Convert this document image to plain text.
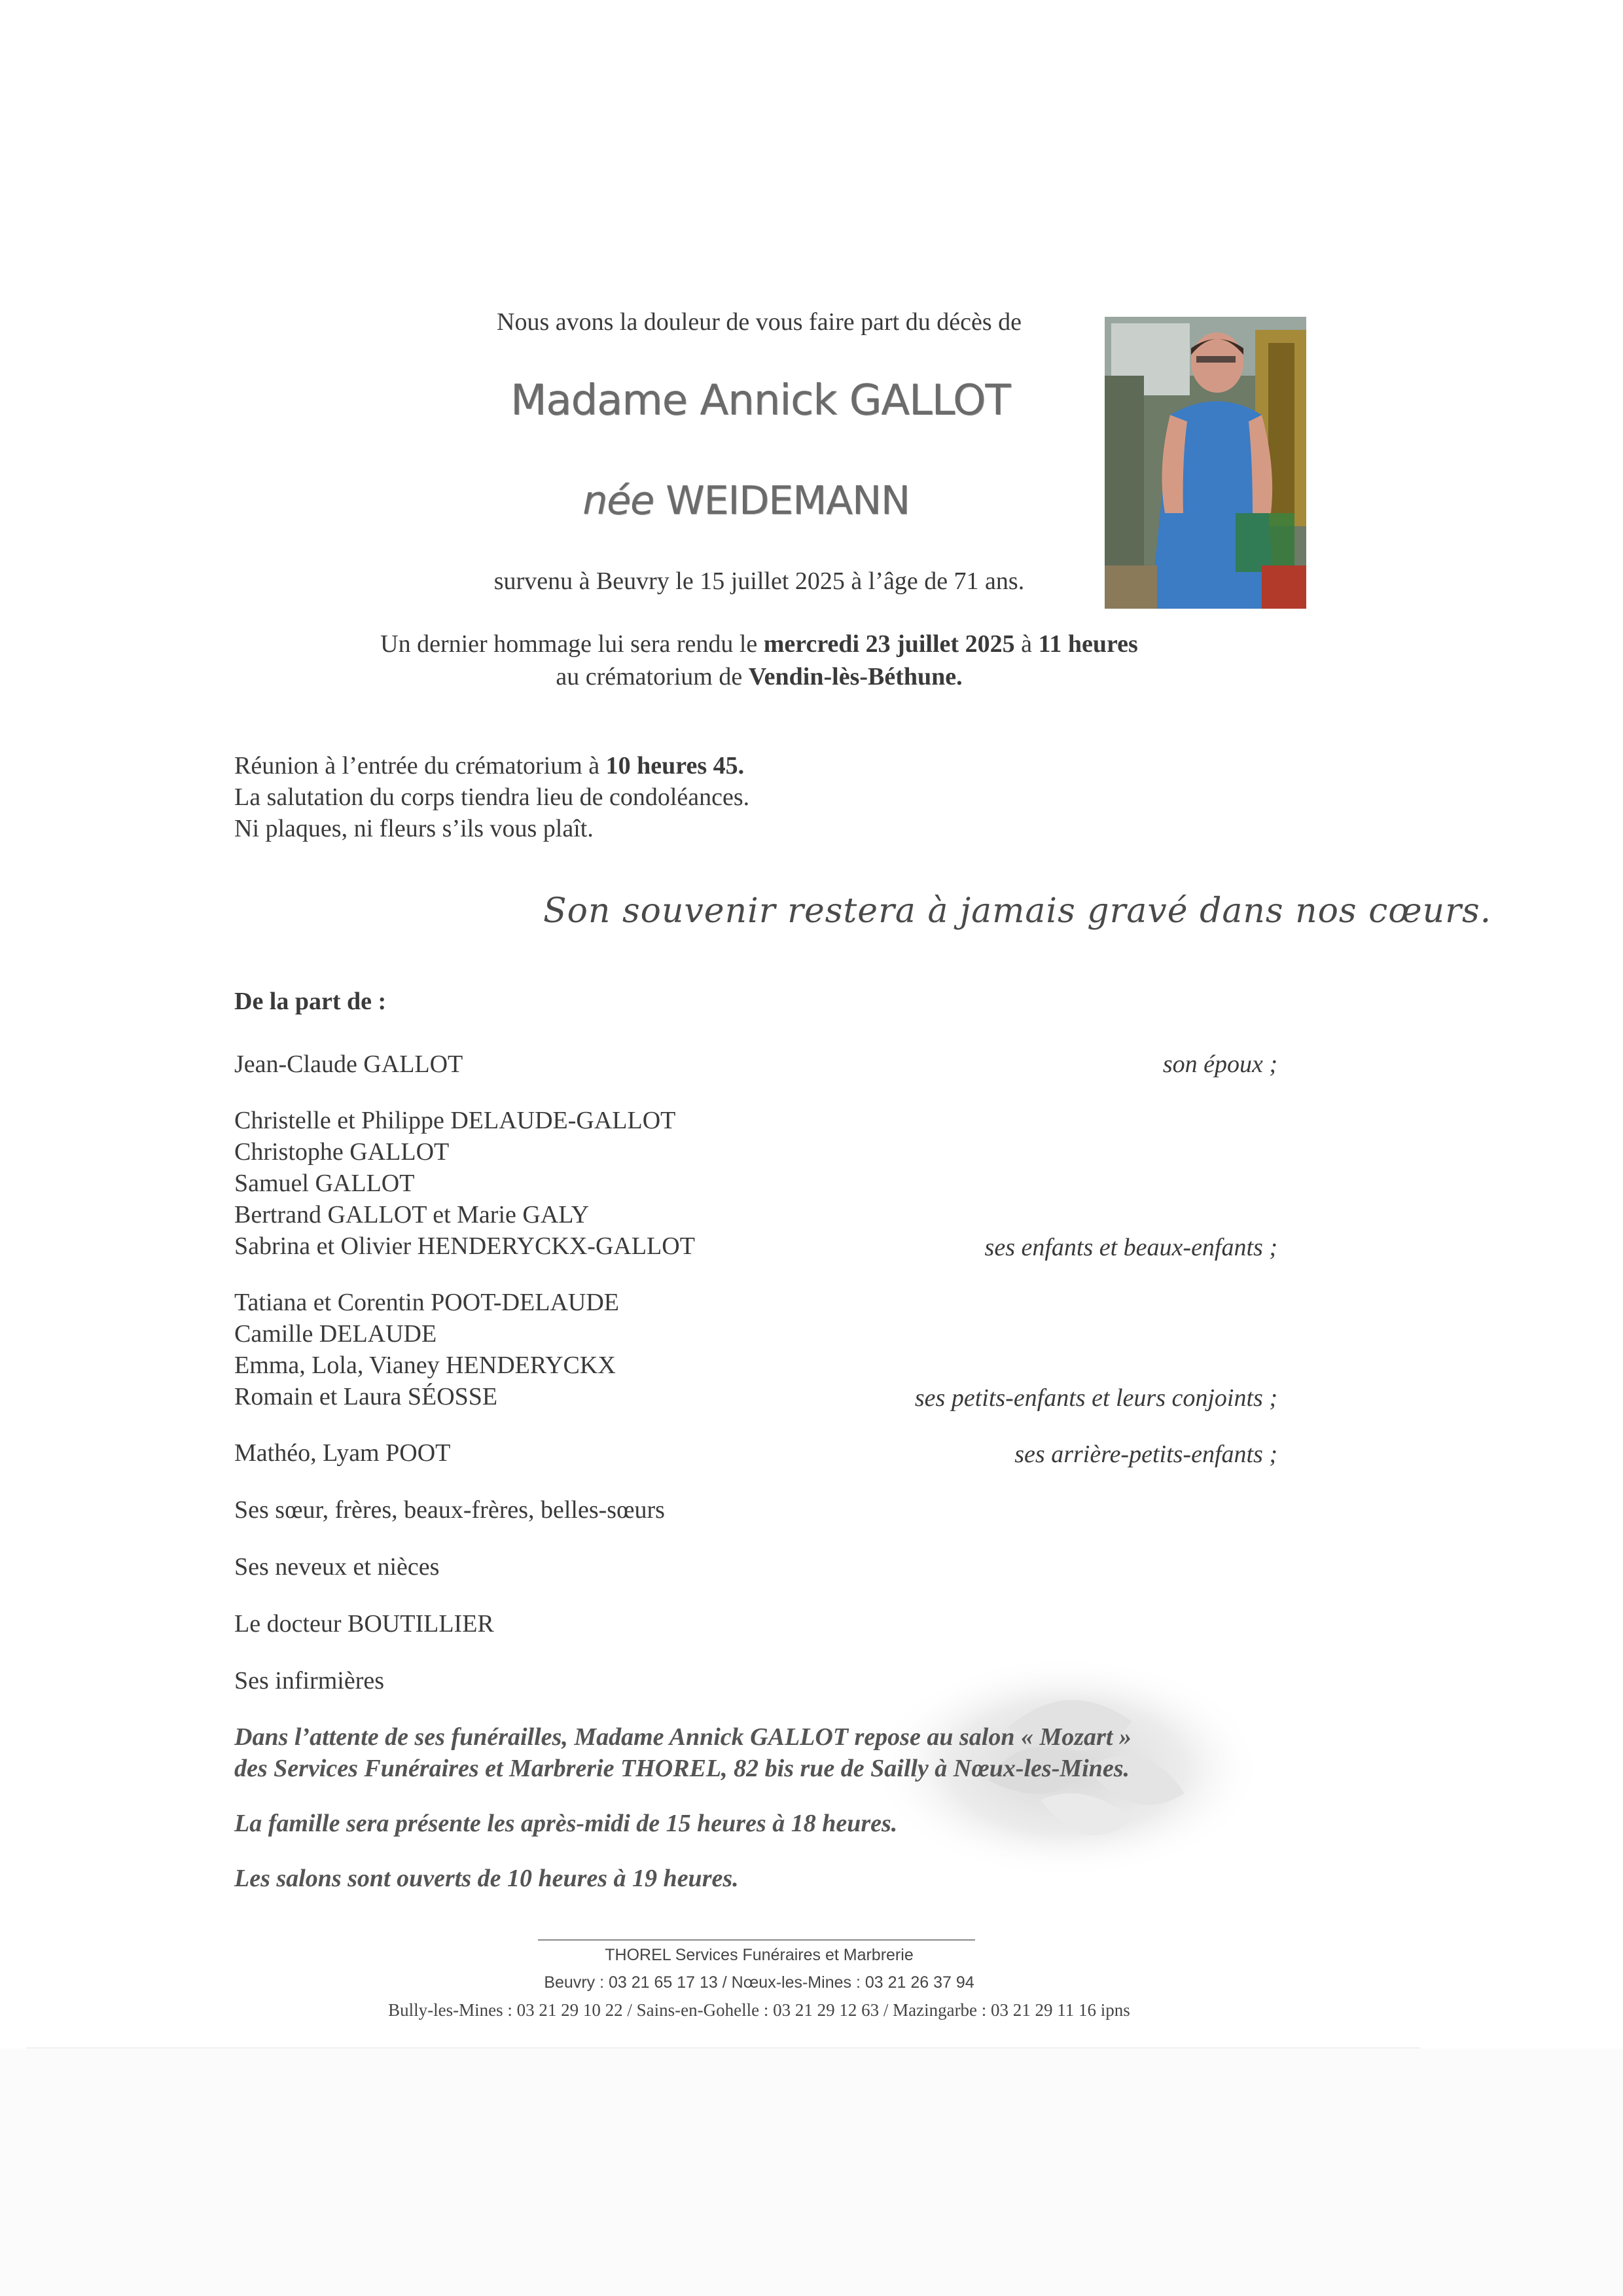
Nous avons la douleur de vous faire part du décès de
Madame Annick GALLOT
née WEIDEMANN
survenu à Beuvry le 15 juillet 2025 à l’âge de 71 ans.
Un dernier hommage lui sera rendu le mercredi 23 juillet 2025 à 11 heures
au crématorium de Vendin-lès-Béthune.
Réunion à l’entrée du crématorium à 10 heures 45.
La salutation du corps tiendra lieu de condoléances.
Ni plaques, ni fleurs s’ils vous plaît.
Son souvenir restera à jamais gravé dans nos cœurs.
De la part de :
Jean-Claude GALLOT	son époux ;
Christelle et Philippe DELAUDE-GALLOT
Christophe GALLOT
Samuel GALLOT
Bertrand GALLOT et Marie GALY
Sabrina et Olivier HENDERYCKX-GALLOT	ses enfants et beaux-enfants ;
Tatiana et Corentin POOT-DELAUDE
Camille DELAUDE
Emma, Lola, Vianey HENDERYCKX
Romain et Laura SÉOSSE	ses petits-enfants et leurs conjoints ;
Mathéo, Lyam POOT	ses arrière-petits-enfants ;
Ses sœur, frères, beaux-frères, belles-sœurs
Ses neveux et nièces
Le docteur BOUTILLIER
Ses infirmières
Dans l’attente de ses funérailles, Madame Annick GALLOT repose au salon « Mozart »
des Services Funéraires et Marbrerie THOREL, 82 bis rue de Sailly à Nœux-les-Mines.
La famille sera présente les après-midi de 15 heures à 18 heures.
Les salons sont ouverts de 10 heures à 19 heures.
THOREL Services Funéraires et Marbrerie
Beuvry : 03 21 65 17 13 / Nœux-les-Mines : 03 21 26 37 94
Bully-les-Mines : 03 21 29 10 22 / Sains-en-Gohelle : 03 21 29 12 63 / Mazingarbe : 03 21 29 11 16 ipns
